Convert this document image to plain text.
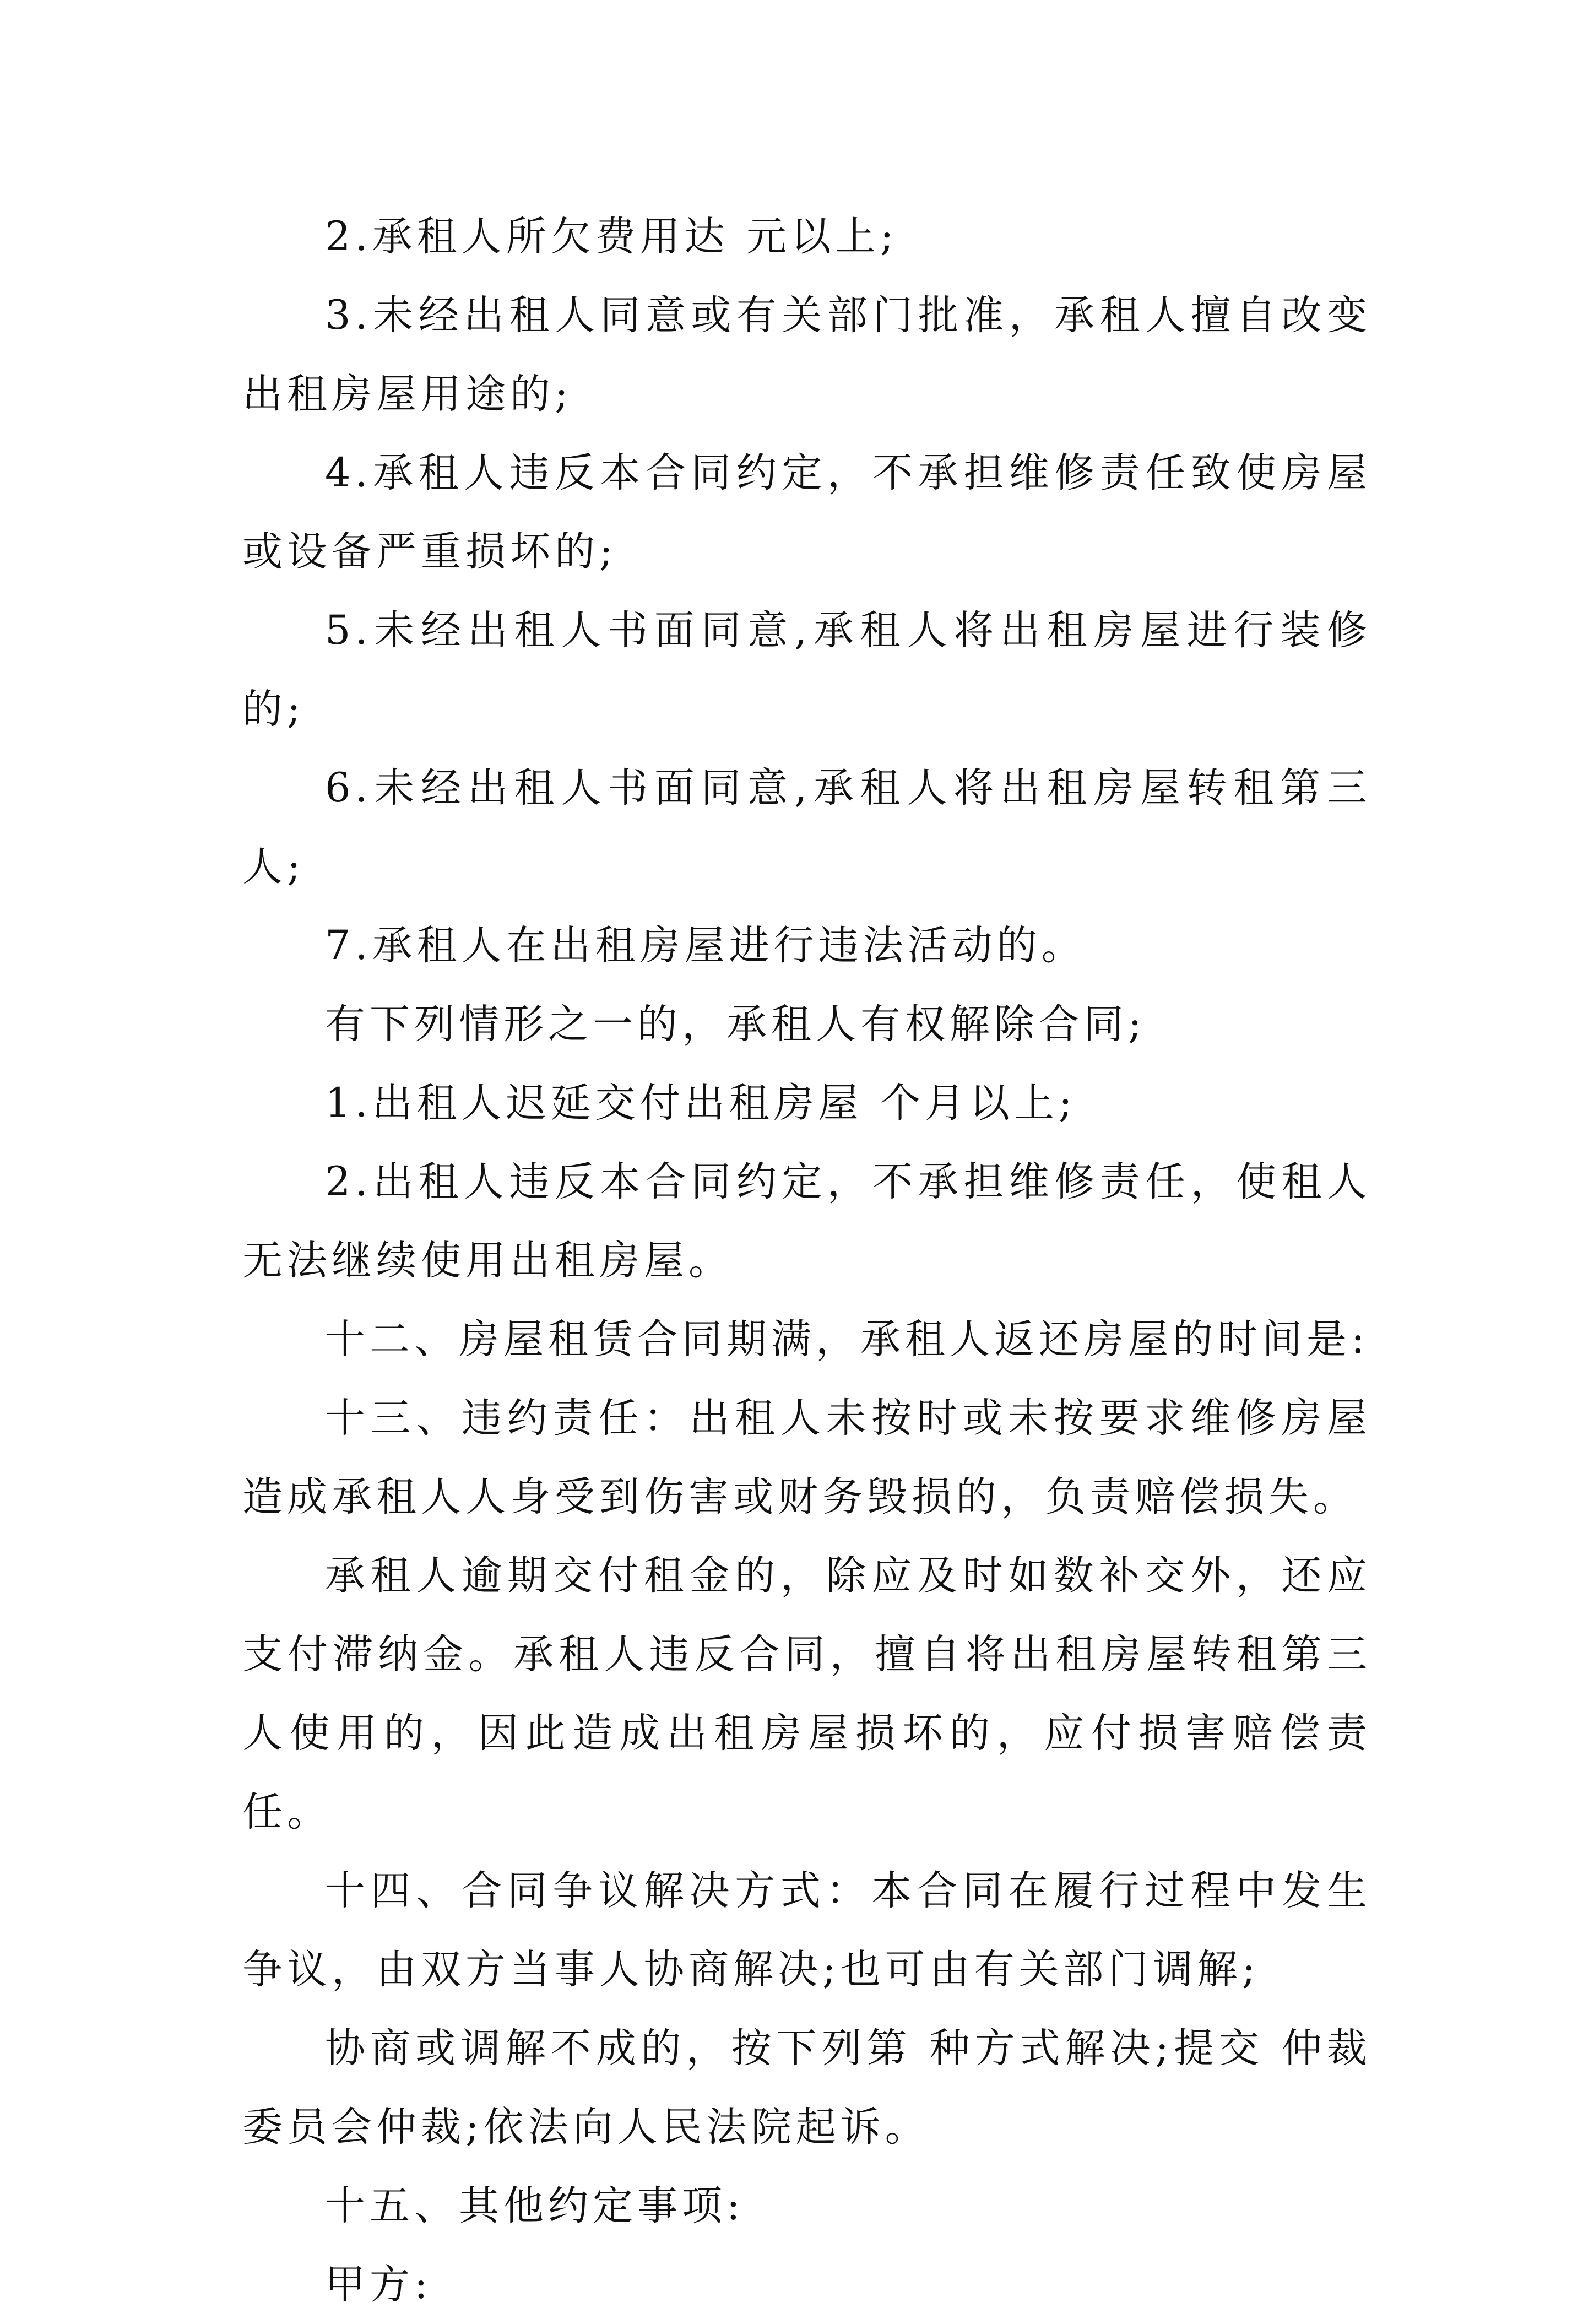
2.承租人所欠费用达 元以上;

3.未经出租人同意或有关部门批准，承租人擅自改变出租房屋用途的;

4.承租人违反本合同约定，不承担维修责任致使房屋或设备严重损坏的;

5.未经出租人书面同意,承租人将出租房屋进行装修的;

6.未经出租人书面同意,承租人将出租房屋转租第三人;

7.承租人在出租房屋进行违法活动的。

有下列情形之一的，承租人有权解除合同;

1.出租人迟延交付出租房屋 个月以上;

2.出租人违反本合同约定，不承担维修责任，使租人无法继续使用出租房屋。

十二、房屋租赁合同期满，承租人返还房屋的时间是:

十三、违约责任：出租人未按时或未按要求维修房屋造成承租人人身受到伤害或财务毁损的，负责赔偿损失。

承租人逾期交付租金的，除应及时如数补交外，还应支付滞纳金。承租人违反合同，擅自将出租房屋转租第三人使用的，因此造成出租房屋损坏的，应付损害赔偿责任。

十四、合同争议解决方式：本合同在履行过程中发生争议，由双方当事人协商解决;也可由有关部门调解;

协商或调解不成的，按下列第 种方式解决;提交 仲裁委员会仲裁;依法向人民法院起诉。

十五、其他约定事项:

甲方:
